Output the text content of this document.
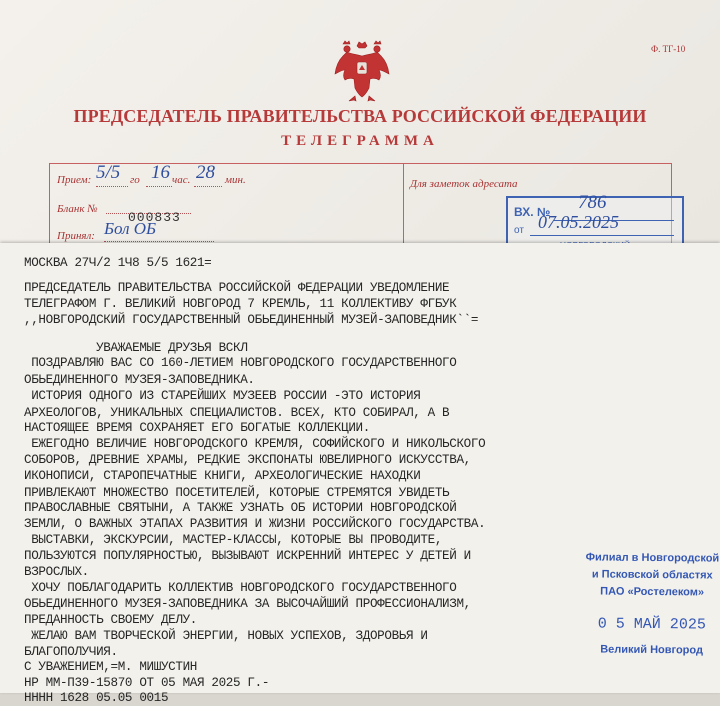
Ф. ТГ-10
ПРЕДСЕДАТЕЛЬ ПРАВИТЕЛЬСТВА РОССИЙСКОЙ ФЕДЕРАЦИИ
ТЕЛЕГРАММА
Прием: 5/5 го 16 час. 28 мин.
Бланк №
000833
Принял: Бол ОБ
Для заметок адресата
ВХ. № 786
от 07.05.2025
МОСКВА 27Ч/2 1Ч8 5/5 1621=
ПРЕДСЕДАТЕЛЬ ПРАВИТЕЛЬСТВА РОССИЙСКОЙ ФЕДЕРАЦИИ УВЕДОМЛЕНИЕ
ТЕЛЕГРАФОМ Г. ВЕЛИКИЙ НОВГОРОД 7 КРЕМЛЬ, 11 КОЛЛЕКТИВУ ФГБУК
,,НОВГОРОДСКИЙ ГОСУДАРСТВЕННЫЙ ОБЬЕДИНЕННЫЙ МУЗЕЙ-ЗАПОВЕДНИК``=
УВАЖАЕМЫЕ ДРУЗЬЯ ВСКЛ
ПОЗДРАВЛЯЮ ВАС СО 160-ЛЕТИЕМ НОВГОРОДСКОГО ГОСУДАРСТВЕННОГО
ОБЬЕДИНЕННОГО МУЗЕЯ-ЗАПОВЕДНИКА.
ИСТОРИЯ ОДНОГО ИЗ СТАРЕЙШИХ МУЗЕЕВ РОССИИ -ЭТО ИСТОРИЯ
АРХЕОЛОГОВ, УНИКАЛЬНЫХ СПЕЦИАЛИСТОВ. ВСЕХ, КТО СОБИРАЛ, А В
НАСТОЯЩЕЕ ВРЕМЯ СОХРАНЯЕТ ЕГО БОГАТЫЕ КОЛЛЕКЦИИ.
ЕЖЕГОДНО ВЕЛИЧИЕ НОВГОРОДСКОГО КРЕМЛЯ, СОФИЙСКОГО И НИКОЛЬСКОГО
СОБОРОВ, ДРЕВНИЕ ХРАМЫ, РЕДКИЕ ЭКСПОНАТЫ ЮВЕЛИРНОГО ИСКУССТВА,
ИКОНОПИСИ, СТАРОПЕЧАТНЫЕ КНИГИ, АРХЕОЛОГИЧЕСКИЕ НАХОДКИ
ПРИВЛЕКАЮТ МНОЖЕСТВО ПОСЕТИТЕЛЕЙ, КОТОРЫЕ СТРЕМЯТСЯ УВИДЕТЬ
ПРАВОСЛАВНЫЕ СВЯТЫНИ, А ТАКЖЕ УЗНАТЬ ОБ ИСТОРИИ НОВГОРОДСКОЙ
ЗЕМЛИ, О ВАЖНЫХ ЭТАПАХ РАЗВИТИЯ И ЖИЗНИ РОССИЙСКОГО ГОСУДАРСТВА.
ВЫСТАВКИ, ЭКСКУРСИИ, МАСТЕР-КЛАССЫ, КОТОРЫЕ ВЫ ПРОВОДИТЕ,
ПОЛЬЗУЮТСЯ ПОПУЛЯРНОСТЬЮ, ВЫЗЫВАЮТ ИСКРЕННИЙ ИНТЕРЕС У ДЕТЕЙ И
ВЗРОСЛЫХ.
ХОЧУ ПОБЛАГОДАРИТЬ КОЛЛЕКТИВ НОВГОРОДСКОГО ГОСУДАРСТВЕННОГО
ОБЬЕДИНЕННОГО МУЗЕЯ-ЗАПОВЕДНИКА ЗА ВЫСОЧАЙШИЙ ПРОФЕССИОНАЛИЗМ,
ПРЕДАННОСТЬ СВОЕМУ ДЕЛУ.
ЖЕЛАЮ ВАМ ТВОРЧЕСКОЙ ЭНЕРГИИ, НОВЫХ УСПЕХОВ, ЗДОРОВЬЯ И
БЛАГОПОЛУЧИЯ.
С УВАЖЕНИЕМ,=М. МИШУСТИН
НР ММ-П39-15870 ОТ 05 МАЯ 2025 Г.-
НННН 1628 05.05 0015
Филиал в Новгородской
и Псковской областях
ПАО «Ростелеком»
0 5 МАЙ 2025
Великий Новгород
